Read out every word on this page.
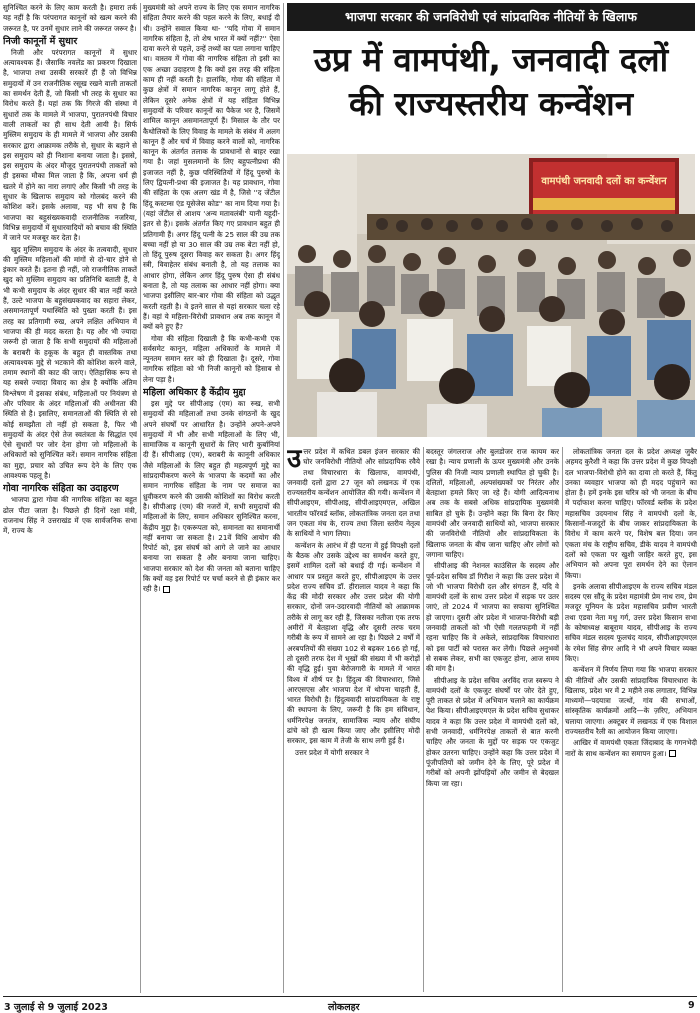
सुनिश्चित करने के लिए काम करती है। हमारा तर्क यह नहीं है कि परंपरागत कानूनों को खत्म करने की जरूरत है, पर उनमें सुधार लाने की जरूरत जरूर है।

निजी कानूनों में सुधार

निजी और परंपरागत कानूनों में सुधार अत्यावश्यक हैं। जैसाकि नवलेंड का प्रकरण दिखाता है, भाजपा तथा उसकी सरकारें ही हैं जो विभिन्न समुदायों में उन राजनीतिक रसूख रखने वाली ताकतों का समर्थन देती हैं, जो किसी भी तरह के सुधार का विरोध करते हैं। यहां तक कि गिरजे की संस्था में सुधारों तक के मामले में भाजपा, पुरातनपंथी विचार वाली ताकतों का ही साथ देती आयी है। सिर्फ मुस्लिम समुदाय के ही मामले में भाजपा और उसकी सरकार द्वारा आक्रामक तरीके से, सुधार के बहाने से इस समुदाय को ही निशाना बनाया जाता है। इससे, इस समुदाय के अंदर मौजूद पुरातनपंथी ताकतों को ही इसका मौका मिल जाता है कि, अपना धर्म ही खतरे में होने का नारा लगाएं और किसी भी तरह के सुधार के खिलाफ समुदाय को गोलबंद करने की कोशिश करें। इसके अलावा, यह भी सच है कि भाजपा का बहुसंख्यकवादी राजनीतिक नजरिया, विभिन्न समुदायों में सुधारवादियों को बचाव की स्थिति में जाने पर मजबूर कर देता है।

खुद मुस्लिम समुदाय के अंदर के तत्ववादी, सुधार की मुस्लिम महिलाओं की मांगों से दो-चार होने से इंकार करते हैं। इतना ही नहीं, जो राजनीतिक ताकतें खुद को मुस्लिम समुदाय का प्रतिनिधि बताती हैं, वे भी कभी समुदाय के अंदर सुधार की बात नहीं करते हैं, उल्टे भाजपा के बहुसंख्यकवाद का सहारा लेकर, असमानतापूर्ण यथास्थिति को पुख्ता करती हैं। इस तरह का प्रतिगामी रुख, अपने लक्षित अभियान में भाजपा की ही मदद करता है। यह और भी ज्यादा जरूरी हो जाता है कि सभी समुदायों की महिलाओं के बराबरी के हकूक के बहुत ही वास्तविक तथा अत्यावश्यक मुद्दे से भटकाने की कोशिश करने वाले, तमाम स्थानों की काट की जाए। ऐतिहासिक रूप से यह सबसे ज्यादा विवाद का क्षेत्र है क्योंकि अंतिम विश्लेषण में इसका संबंध, महिलाओं पर नियंत्रण से और परिवार के अंदर महिलाओं की अधीनता की स्थिति से है। इसलिए, समानताओं की स्थिति से सो कोई समझौता तो नहीं हो सकता है, फिर भी समुदायों के अंदर ऐसे तेज स्वतंत्रता के सिद्धांत एवं ऐसे सुधारों पर जोर देना होगा जो महिलाओं के अधिकारों को सुनिश्चित करें। समान नागरिक संहिता का मुद्दा, प्रचार को उचित रूप देने के लिए एक आवश्यक पहलू है।

गोवा नागरिक संहिता का उदाहरण

भाजपा द्वारा गोवा की नागरिक संहिता का बहुत ढोल पीटा जाता है। पिछले ही दिनों रक्षा मंत्री, राजनाथ सिंह ने उत्तराखंड में एक सार्वजनिक सभा में, राज्य के

मुख्यमंत्री को अपने राज्य के लिए एक समान नागरिक संहिता तैयार करने की पहल करने के लिए, बधाई दी थी। उन्होंने सवाल किया था- ''यदि गोवा में समान नागरिक संहिता है, तो शेष भारत में क्यों नहीं?'' ऐसा दावा करने से पहले, उन्हें तथ्यों का पता लगाना चाहिए था। वास्तव में गोवा की नागरिक संहिता तो इसी का एक अच्छा उदाहरण है कि क्यों इस तरह की संहिता काम ही नहीं करती है। हालांकि, गोवा की संहिता में कुछ क्षेत्रों में समान नागरिक कानून लागू होते हैं, लेकिन दूसरे अनेक क्षेत्रों में यह संहिता विभिन्न समुदायों के परिवार कानूनों का पैकेज भर है, जिसमें शामिल कानून असमानतापूर्ण हैं। मिसाल के तौर पर कैथोलिकों के लिए विवाह के मामले के संबंध में अलग कानून हैं और चर्च में विवाह करने वालों को, नागरिक कानून के अंतर्गत तलाक के प्रावधानों से बाहर रखा गया है। जहां मुसलमानों के लिए बहुपत्नीप्रथा की इजाजत नहीं है, कुछ परिस्थितियों में हिंदू पुरुषों के लिए द्विपत्नी-प्रथा की इजाजत है। यह प्रावधान, गोवा की संहिता के एक अलग खंड में है, जिसे ''द जेंटील हिंदू कस्टम्स एंड यूसेजेस कोड'' का नाम दिया गया है। (यहां जेंटील से आशय 'अन्य मतावलंबी' यानी यहूदी-इतर से है)। इसके अंतर्गत किए गए प्रावधान बहुत ही प्रतिगामी हैं। अगर हिंदू पत्नी के 25 साल की उम्र तक बच्चा नहीं हो या 30 साल की उम्र तक बेटा नहीं हो, तो हिंदू पुरुष दूसरा विवाह कर सकता है। अगर हिंदू स्त्री, विवाहेतर संबंध बनाती है, तो यह तलाक का आधार होगा, लेकिन अगर हिंदू पुरुष ऐसा ही संबंध बनाता है, तो यह तलाक का आधार नहीं होगा। क्या भाजपा इसीलिए बार-बार गोवा की संहिता को उद्धृत करती रहती है। वे इतने साल से यहां सरकार चला रहे हैं। वहां ये महिला-विरोधी प्रावधान अब तक कानून में क्यों बने हुए हैं?

गोवा की संहिता दिखाती है कि कभी-कभी एक सर्वसमेट कानून, महिला अधिकारों के मामले में न्यूनतम समान स्तर को ही दिखाता है। दूसरे, गोवा नागरिक संहिता को भी निजी कानूनों को हिसाब से लेना पड़ा है।

महिला अधिकार है केंद्रीय मुद्दा

इस मुद्दे पर सीपीआइ (एम) का रुख, सभी समुदायों की महिलाओं तथा उनके संगठनों के खुद अपने संघर्षों पर आधारित है। उन्होंने अपने-अपने समुदायों में भी और सभी महिलाओं के लिए भी, सामाजिक व कानूनी सुधारों के लिए भारी कुर्बानियां दी हैं। सीपीआइ (एम), बराबरी के कानूनी अधिकार जैसे महिलाओं के लिए बहुत ही महत्वपूर्ण मुद्दे का सांप्रदायीकरण करने के भाजपा के कदमों का और समान नागरिक संहिता के नाम पर समाज का ध्रुवीकरण करने की उसकी कोशिशों का विरोध करती है। सीपीआइ (एम) की नजरों में, सभी समुदायों की महिलाओं के लिए, समान अधिकार सुनिश्चित करना, केंद्रीय मुद्दा है। एकरूपता को, समानता का समानार्थी नहीं बनाया जा सकता है। 21वें विधि आयोग की रिपोर्ट को, इस संघर्ष को आगे ले जाने का आधार बनाया जा सकता है और बनाया जाना चाहिए। भाजपा सरकार को देश की जनता को बताना चाहिए कि क्यों वह इस रिपोर्ट पर चर्चा करने से ही इंकार कर रही है।

भाजपा सरकार की जनविरोधी एवं सांप्रदायिक नीतियों के खिलाफ
उप्र में वामपंथी, जनवादी दलों
की राज्यस्तरीय कन्वेंशन
वामपंथी जनवादी दलों का कन्वेंशन

उत्तर प्रदेश में कथित डबल इंजन सरकार की घोर जनविरोधी नीतियों और सांप्रदायिक रवैये तथा विचारधारा के खिलाफ, वामपंथी, जनवादी दलों द्वारा 27 जून को लखनऊ में एक राज्यस्तरीय कन्वेंशन आयोजित की गयी। कन्वेंशन में सीपीआइएम, सीपीआइ, सीपीआइएमएल, अखिल भारतीय फॉरवर्ड ब्लॉक, लोकतांत्रिक जनता दल तथा जन एकता मंच के, राज्य तथा जिला स्तरीय नेतृत्व के साथियों ने भाग लिया।

कन्वेंशन के आरंभ में ही पटना में हुई विपक्षी दलों के बैठक और उसके उद्देश्य का समर्थन करते हुए, इसमें शामिल दलों को बधाई दी गई। कन्वेंशन में आधार पत्र प्रस्तुत करते हुए, सीपीआइएम के उत्तर प्रदेश राज्य सचिव डॉ. हीरालाल यादव ने कहा कि केंद्र की मोदी सरकार और उत्तर प्रदेश की योगी सरकार, दोनों जन-उदारवादी नीतियों को आक्रामक तरीके से लागू कर रही हैं, जिसका नतीजा एक तरफ अमीरों में बेतहाशा वृद्धि और दूसरी तरफ चरम गरीबी के रूप में सामने आ रहा है। पिछले 2 वर्षों में अरबपतियों की संख्या 102 से बढ़कर 166 हो गई, तो दूसरी तरफ देश में भूखों की संख्या में भी करोड़ों की वृद्धि हुई। युवा बेरोजगारी के मामले में भारत विश्व में शीर्ष पर है। हिंदुत्व की विचारधारा, जिसे आरएसएस और भाजपा देश में थोपना चाहती हैं, भारत विरोधी है। हिंदुत्ववादी सांप्रदायिकता के राष्ट्र की स्थापना के लिए, जरूरी है कि हम संविधान, धर्मनिरपेक्ष जनतंत्र, सामाजिक न्याय और संघीय ढांचे को ही खत्म किया जाए और इसीलिए मोदी सरकार, इस काम में तेजी के साथ लगी हुई है।

उत्तर प्रदेश में योगी सरकार ने

बदस्तूर जंगलराज और बुलडोजर राज कायम कर रखा है। न्याय प्रणाली के ऊपर मुख्यमंत्री और उनके पुलिस की निजी न्याय प्रणाली स्थापित हो चुकी है। दलितों, महिलाओं, अल्पसंख्यकों पर निरंतर और बेतहाशा हमले किए जा रहे हैं। योगी आदित्यनाथ अब तक के सबसे अधिक सांप्रदायिक मुख्यमंत्री साबित हो चुके हैं। उन्होंने कहा कि बिना देर किए वामपंथी और जनवादी साथियों को, भाजपा सरकार की जनविरोधी नीतियों और सांप्रदायिकता के खिलाफ जनता के बीच जाना चाहिए और लोगों को जगाना चाहिए।

सीपीआइ की नेशनल काउंसिल के सदस्य और पूर्व-प्रदेश सचिव डॉ गिरीश ने कहा कि उत्तर प्रदेश में जो भी भाजपा विरोधी दल और संगठन हैं, यदि वे वामपंथी दलों के साथ उत्तर प्रदेश में सड़क पर उतर जाएं, तो 2024 में भाजपा का सफाया सुनिश्चित हो जाएगा। दूसरी ओर प्रदेश में भाजपा-विरोधी बड़ी जनवादी ताकतों को भी ऐसी गलतफहमी में नहीं रहना चाहिए कि वे अकेले, सांप्रदायिक विचारधारा को इस पार्टी को परास्त कर लेंगी। पिछले अनुभवों से सबक लेकर, सभी का एकजुट होना, आज समय की मांग है।

सीपीआइ के प्रदेश सचिव अरविंद राज स्वरूप ने वामपंथी दलों के एकजुट संघर्षों पर जोर देते हुए, पूरी ताकत से प्रदेश में अभियान चलाने का कार्यक्रम पेश किया। सीपीआइएमएल के प्रदेश सचिव सुधाकर यादव ने कहा कि उत्तर प्रदेश में वामपंथी दलों को, सभी जनवादी, धर्मनिरपेक्ष ताकतों से बात करनी चाहिए और जनता के मुद्दों पर सड़क पर एकजुट होकर उतरना चाहिए। उन्होंने कहा कि उत्तर प्रदेश में पूंजीपतियों को जमीन देने के लिए, पूरे प्रदेश में गरीबों को अपनी झोंपड़ियों और जमीन से बेदखल किया जा रहा।

लोकतांत्रिक जनता दल के प्रदेश अध्यक्ष जुबैर अहमद कुरैशी ने कहा कि उत्तर प्रदेश में कुछ विपक्षी दल भाजपा-विरोधी होने का दावा तो करते हैं, किंतु उनका व्यवहार भाजपा को ही मदद पहुंचाने का होता है। हमें इनके इस चरित्र को भी जनता के बीच में पर्दाफाश करना चाहिए। फॉरवर्ड ब्लॉक के प्रदेश महासचिव उदयनाथ सिंह ने वामपंथी दलों के, किसानों-मजदूरों के बीच जाकर सांप्रदायिकता के विरोध में काम करने पर, विशेष बल दिया। जन एकता मंच के राष्ट्रीय सचिव, डीके यादव ने वामपंथी दलों को एकता पर खुशी जाहिर करते हुए, इस अभियान को अपना पूरा समर्थन देने का ऐलान किया।

इनके अलावा सीपीआइएम के राज्य सचिव मंडल सदस्य एस सौंदू के प्रदेश महामंत्री प्रेम नाथ राय, प्रेम मजदूर यूनियन के प्रदेश महासचिव प्रवीण भारती तथा एडवा नेता मधु गर्ग, उत्तर प्रदेश किसान सभा के कोषाध्यक्ष बाबूराम यादव, सीपीआइ के राज्य सचिव मंडल सदस्य फूलचंद यादव, सीपीआइएमएल के रमेश सिंह सेंगर आदि ने भी अपने विचार व्यक्त किए।

कन्वेंशन में निर्णय लिया गया कि भाजपा सरकार की नीतियों और उसकी सांप्रदायिक विचारधारा के खिलाफ, प्रदेश भर में 2 महीने तक लगातार, विभिन्न माध्यमों—पदयात्रा जत्थों, गांव की सभाओं, सांस्कृतिक कार्यक्रमों आदि—के ज़रिए, अभियान चलाया जाएगा। अक्टूबर में लखनऊ में एक विशाल राज्यस्तरीय रैली का आयोजन किया जाएगा।

आखिर में वामपंथी एकता जिंदाबाद के गगनभेदी नारों के साथ कन्वेंशन का समापन हुआ।

3 जुलाई से 9 जुलाई 2023	लोकलहर	9
